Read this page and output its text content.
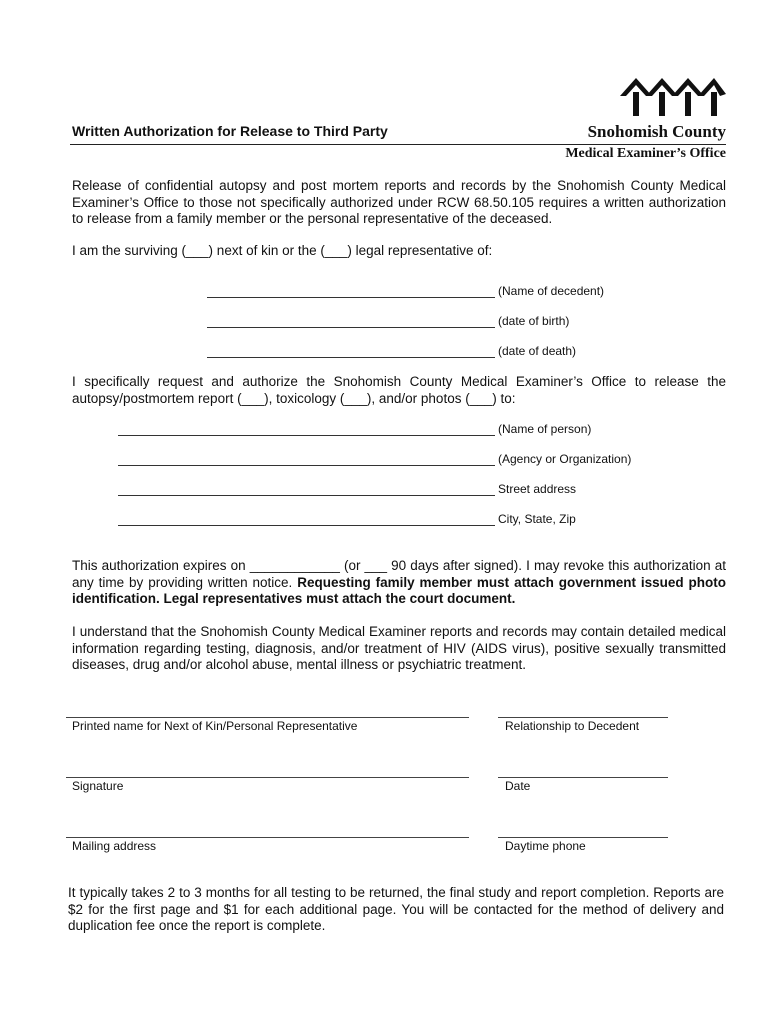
Written Authorization for Release to Third Party	Snohomish County
Medical Examiner’s Office
Release of confidential autopsy and post mortem reports and records by the Snohomish County Medical Examiner’s Office to those not specifically authorized under RCW 68.50.105 requires a written authorization to release from a family member or the personal representative of the deceased.
I am the surviving (___) next of kin or the (___) legal representative of:
(Name of decedent)
(date of birth)
(date of death)
I specifically request and authorize the Snohomish County Medical Examiner’s Office to release the autopsy/postmortem report (___), toxicology (___), and/or photos (___) to:
(Name of person)
(Agency or Organization)
Street address
City, State, Zip
This authorization expires on ____________ (or ___ 90 days after signed). I may revoke this authorization at any time by providing written notice. Requesting family member must attach government issued photo identification. Legal representatives must attach the court document.
I understand that the Snohomish County Medical Examiner reports and records may contain detailed medical information regarding testing, diagnosis, and/or treatment of HIV (AIDS virus), positive sexually transmitted diseases, drug and/or alcohol abuse, mental illness or psychiatric treatment.
Printed name for Next of Kin/Personal Representative	Relationship to Decedent
Signature	Date
Mailing address	Daytime phone
It typically takes 2 to 3 months for all testing to be returned, the final study and report completion. Reports are $2 for the first page and $1 for each additional page. You will be contacted for the method of delivery and duplication fee once the report is complete.
